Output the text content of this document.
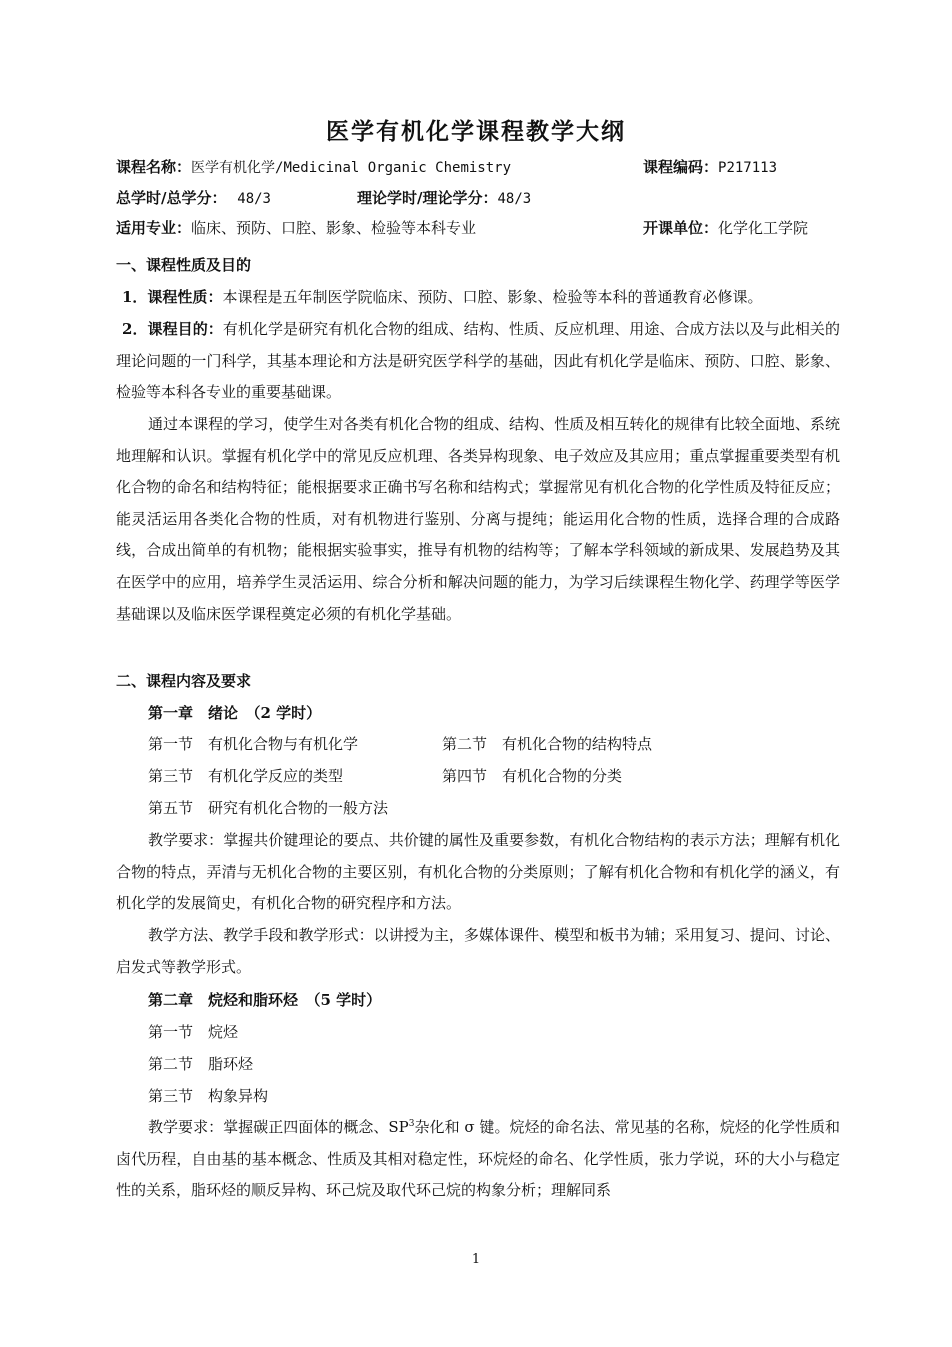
医学有机化学课程教学大纲
课程名称：医学有机化学/Medicinal Organic Chemistry	课程编码：P217113
总学时/总学分： 48/3	理论学时/理论学分：48/3
适用专业：临床、预防、口腔、影象、检验等本科专业	开课单位：化学化工学院
一、课程性质及目的
1．课程性质：本课程是五年制医学院临床、预防、口腔、影象、检验等本科的普通教育必修课。
2．课程目的：有机化学是研究有机化合物的组成、结构、性质、反应机理、用途、合成方法以及与此相关的理论问题的一门科学，其基本理论和方法是研究医学科学的基础，因此有机化学是临床、预防、口腔、影象、检验等本科各专业的重要基础课。
通过本课程的学习，使学生对各类有机化合物的组成、结构、性质及相互转化的规律有比较全面地、系统地理解和认识。掌握有机化学中的常见反应机理、各类异构现象、电子效应及其应用；重点掌握重要类型有机化合物的命名和结构特征；能根据要求正确书写名称和结构式；掌握常见有机化合物的化学性质及特征反应；能灵活运用各类化合物的性质，对有机物进行鉴别、分离与提纯；能运用化合物的性质，选择合理的合成路线，合成出简单的有机物；能根据实验事实，推导有机物的结构等；了解本学科领域的新成果、发展趋势及其在医学中的应用，培养学生灵活运用、综合分析和解决问题的能力，为学习后续课程生物化学、药理学等医学基础课以及临床医学课程奠定必须的有机化学基础。
二、课程内容及要求
第一章　绪论　（2 学时）
第一节　有机化合物与有机化学	第二节　有机化合物的结构特点
第三节　有机化学反应的类型	第四节　有机化合物的分类
第五节　研究有机化合物的一般方法
教学要求：掌握共价键理论的要点、共价键的属性及重要参数，有机化合物结构的表示方法；理解有机化合物的特点，弄清与无机化合物的主要区别，有机化合物的分类原则；了解有机化合物和有机化学的涵义，有机化学的发展简史，有机化合物的研究程序和方法。
教学方法、教学手段和教学形式：以讲授为主，多媒体课件、模型和板书为辅；采用复习、提问、讨论、启发式等教学形式。
第二章　烷烃和脂环烃　（5 学时）
第一节　烷烃
第二节　脂环烃
第三节　构象异构
教学要求：掌握碳正四面体的概念、$SP^3$杂化和 σ 键。烷烃的命名法、常见基的名称，烷烃的化学性质和卤代历程，自由基的基本概念、性质及其相对稳定性，环烷烃的命名、化学性质，张力学说，环的大小与稳定性的关系，脂环烃的顺反异构、环己烷及取代环己烷的构象分析；理解同系
1
